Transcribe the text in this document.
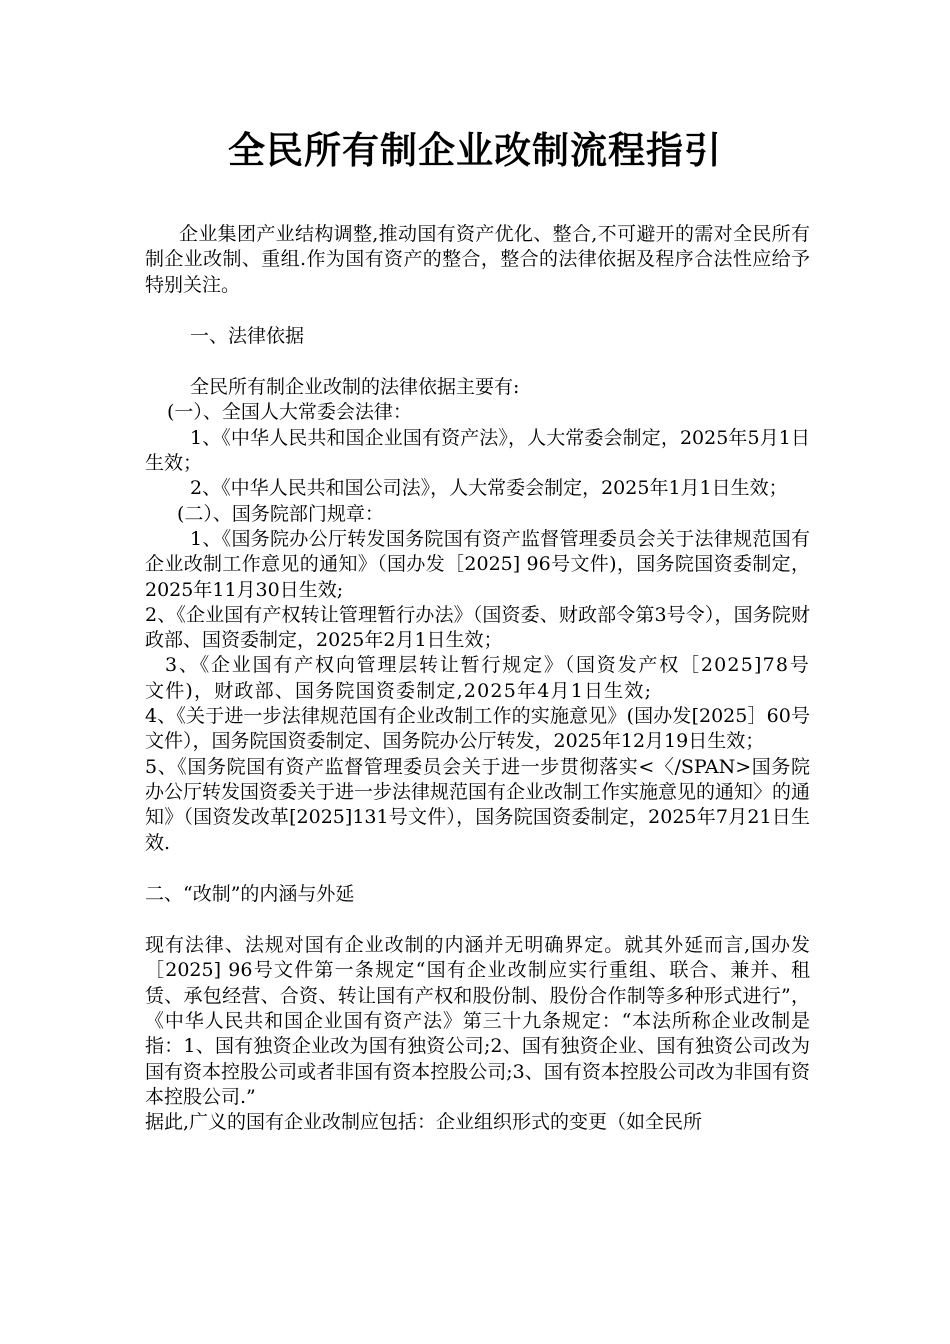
全民所有制企业改制流程指引

企业集团产业结构调整,推动国有资产优化、整合,不可避开的需对全民所有制企业改制、重组.作为国有资产的整合，整合的法律依据及程序合法性应给予特别关注。

一、法律依据

全民所有制企业改制的法律依据主要有:

(一）、全国人大常委会法律：

1、《中华人民共和国企业国有资产法》，人大常委会制定，2025年5月1日生效；

2、《中华人民共和国公司法》，人大常委会制定，2025年1月1日生效；

(二）、国务院部门规章：

1、《国务院办公厅转发国务院国有资产监督管理委员会关于法律规范国有企业改制工作意见的通知》（国办发［2025] 96号文件)，国务院国资委制定，2025年11月30日生效;

2、《企业国有产权转让管理暂行办法》（国资委、财政部令第3号令），国务院财政部、国资委制定，2025年2月1日生效；

3、《企业国有产权向管理层转让暂行规定》（国资发产权［2025]78号文件)，财政部、国务院国资委制定,2025年4月1日生效;

4、《关于进一步法律规范国有企业改制工作的实施意见》(国办发[2025］60号文件），国务院国资委制定、国务院办公厅转发，2025年12月19日生效；

5、《国务院国有资产监督管理委员会关于进一步贯彻落实<〈/SPAN>国务院办公厅转发国资委关于进一步法律规范国有企业改制工作实施意见的通知〉的通知》（国资发改革[2025]131号文件），国务院国资委制定，2025年7月21日生效.

二、“改制”的内涵与外延

现有法律、法规对国有企业改制的内涵并无明确界定。就其外延而言,国办发［2025] 96号文件第一条规定“国有企业改制应实行重组、联合、兼并、租赁、承包经营、合资、转让国有产权和股份制、股份合作制等多种形式进行”，《中华人民共和国企业国有资产法》第三十九条规定：“本法所称企业改制是指：1、国有独资企业改为国有独资公司;2、国有独资企业、国有独资公司改为国有资本控股公司或者非国有资本控股公司;3、国有资本控股公司改为非国有资本控股公司.”

据此,广义的国有企业改制应包括：企业组织形式的变更（如全民所
